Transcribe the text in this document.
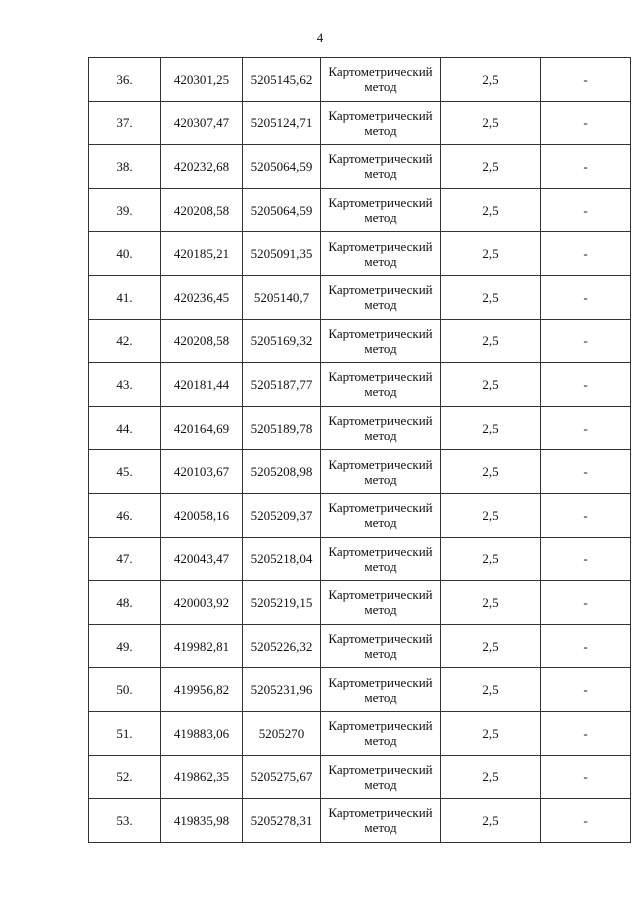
4
36.	420301,25	5205145,62	Картометрический метод	2,5	-
37.	420307,47	5205124,71	Картометрический метод	2,5	-
38.	420232,68	5205064,59	Картометрический метод	2,5	-
39.	420208,58	5205064,59	Картометрический метод	2,5	-
40.	420185,21	5205091,35	Картометрический метод	2,5	-
41.	420236,45	5205140,7	Картометрический метод	2,5	-
42.	420208,58	5205169,32	Картометрический метод	2,5	-
43.	420181,44	5205187,77	Картометрический метод	2,5	-
44.	420164,69	5205189,78	Картометрический метод	2,5	-
45.	420103,67	5205208,98	Картометрический метод	2,5	-
46.	420058,16	5205209,37	Картометрический метод	2,5	-
47.	420043,47	5205218,04	Картометрический метод	2,5	-
48.	420003,92	5205219,15	Картометрический метод	2,5	-
49.	419982,81	5205226,32	Картометрический метод	2,5	-
50.	419956,82	5205231,96	Картометрический метод	2,5	-
51.	419883,06	5205270	Картометрический метод	2,5	-
52.	419862,35	5205275,67	Картометрический метод	2,5	-
53.	419835,98	5205278,31	Картометрический метод	2,5	-
